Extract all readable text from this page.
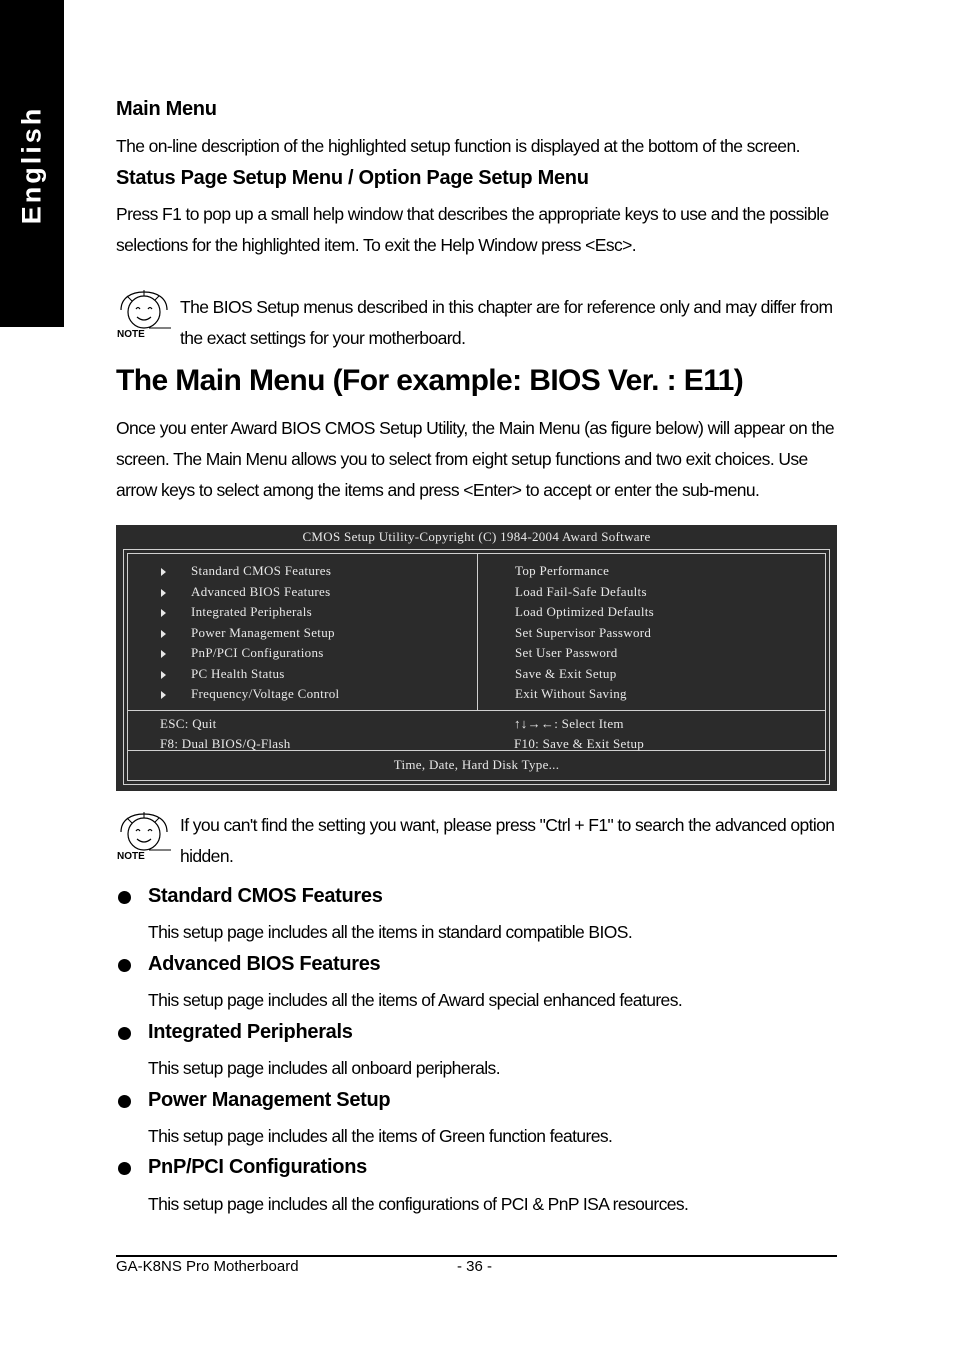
English	Main Menu
The on-line description of the highlighted setup function is displayed at the bottom of the screen.
Status Page Setup Menu / Option Page Setup Menu
Press F1 to pop up a small help window that describes the appropriate keys to use and the possible selections for the highlighted item. To exit the Help Window press <Esc>.
NOTE
The BIOS Setup menus described in this chapter are for reference only and may differ from the exact settings for your motherboard.
The Main Menu (For example: BIOS Ver. : E11)
Once you enter Award BIOS CMOS Setup Utility, the Main Menu (as figure below) will appear on the screen. The Main Menu allows you to select from eight setup functions and two exit choices. Use arrow keys to select among the items and press <Enter> to accept or enter the sub-menu.
CMOS Setup Utility-Copyright (C) 1984-2004 Award Software
Standard CMOS Features
Advanced BIOS Features
Integrated Peripherals
Power Management Setup
PnP/PCI Configurations
PC Health Status
Frequency/Voltage Control
Top Performance
Load Fail-Safe Defaults
Load Optimized Defaults
Set Supervisor Password
Set User Password
Save & Exit Setup
Exit Without Saving
ESC: Quit
F8: Dual BIOS/Q-Flash
↑↓→←: Select Item
F10: Save & Exit Setup
Time, Date, Hard Disk Type...
NOTE
If you can't find the setting you want, please press "Ctrl + F1" to search the advanced option hidden.
Standard CMOS Features
This setup page includes all the items in standard compatible BIOS.
Advanced BIOS Features
This setup page includes all the items of Award special enhanced features.
Integrated Peripherals
This setup page includes all onboard peripherals.
Power Management Setup
This setup page includes all the items of Green function features.
PnP/PCI Configurations
This setup page includes all the configurations of PCI & PnP ISA resources.
GA-K8NS Pro Motherboard	- 36 -
